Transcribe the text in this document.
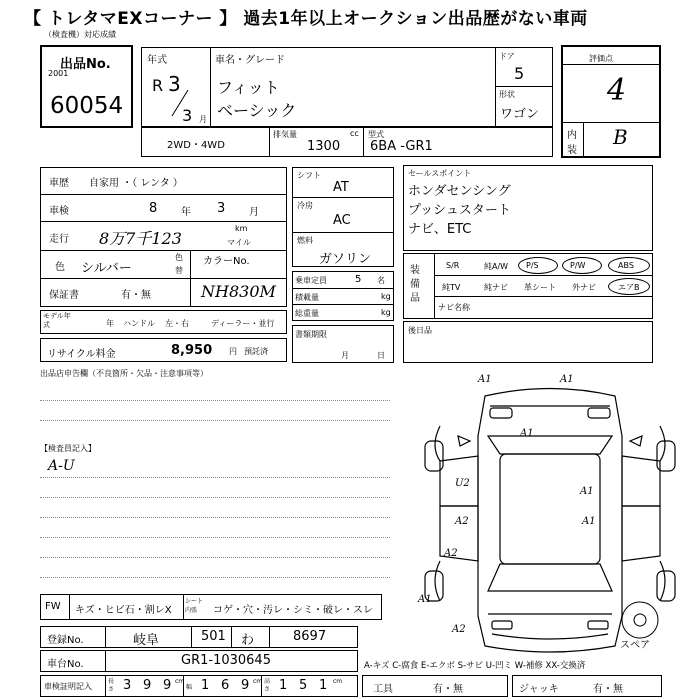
【 トレタマEXコーナー 】 過去1年以上オークション出品歴がない車両
（検査機）対応成績
出品No.
2001
60054
年式
R 3
3 月
車名・グレード
フィット
ベーシック
ドア
5
形状
ワゴン
評価点
4
内
装
B
2WD・4WD
排気量	cc
1300
型式
6BA -GR1
車歴 自家用 ・（ レンタ ）
車検	8 年 3 月
走行 8万7千123
km
マイル
色 シルバー
色
替
カラーNo.
NH830M
保証書	有・無
モデル年式	年 ハンドル 左・右	ディーラー・並行
リサイクル料金	8,950 円 預託済
シフト
AT
冷房
AC
燃料
ガソリン
乗車定員	5 名
積載量	kg
総重量	kg
書類期限
月	日
セールスポイント
ホンダセンシング
プッシュスタート
ナビ、ETC
装備品
S/R	純A/W P/S	P/W	ABS
純TV	純ナビ 革シート 外ナビ	エアB
ナビ名称
後日品
出品店申告欄（不良箇所・欠品・注意事項等）
【検査員記入】
A-U
A1	A1
A1
U2
A2
A1
A1
A2
A1
A2
スペア
FW キズ・ヒビ石・割レX
シート 内張	コゲ・穴・汚レ・シミ・破レ・スレ
登録No.	岐阜	501 わ	8697
車台No.	GR1-1030645	A-キズ C-腐食 E-エクボ S-サビ U-凹ミ W-補修 XX-交換済
車検証明記入
長さ 3 9 9 cm
幅 1 6 9 cm 高さ 1 5 1 cm
工具	有・無	ジャッキ	有・無
